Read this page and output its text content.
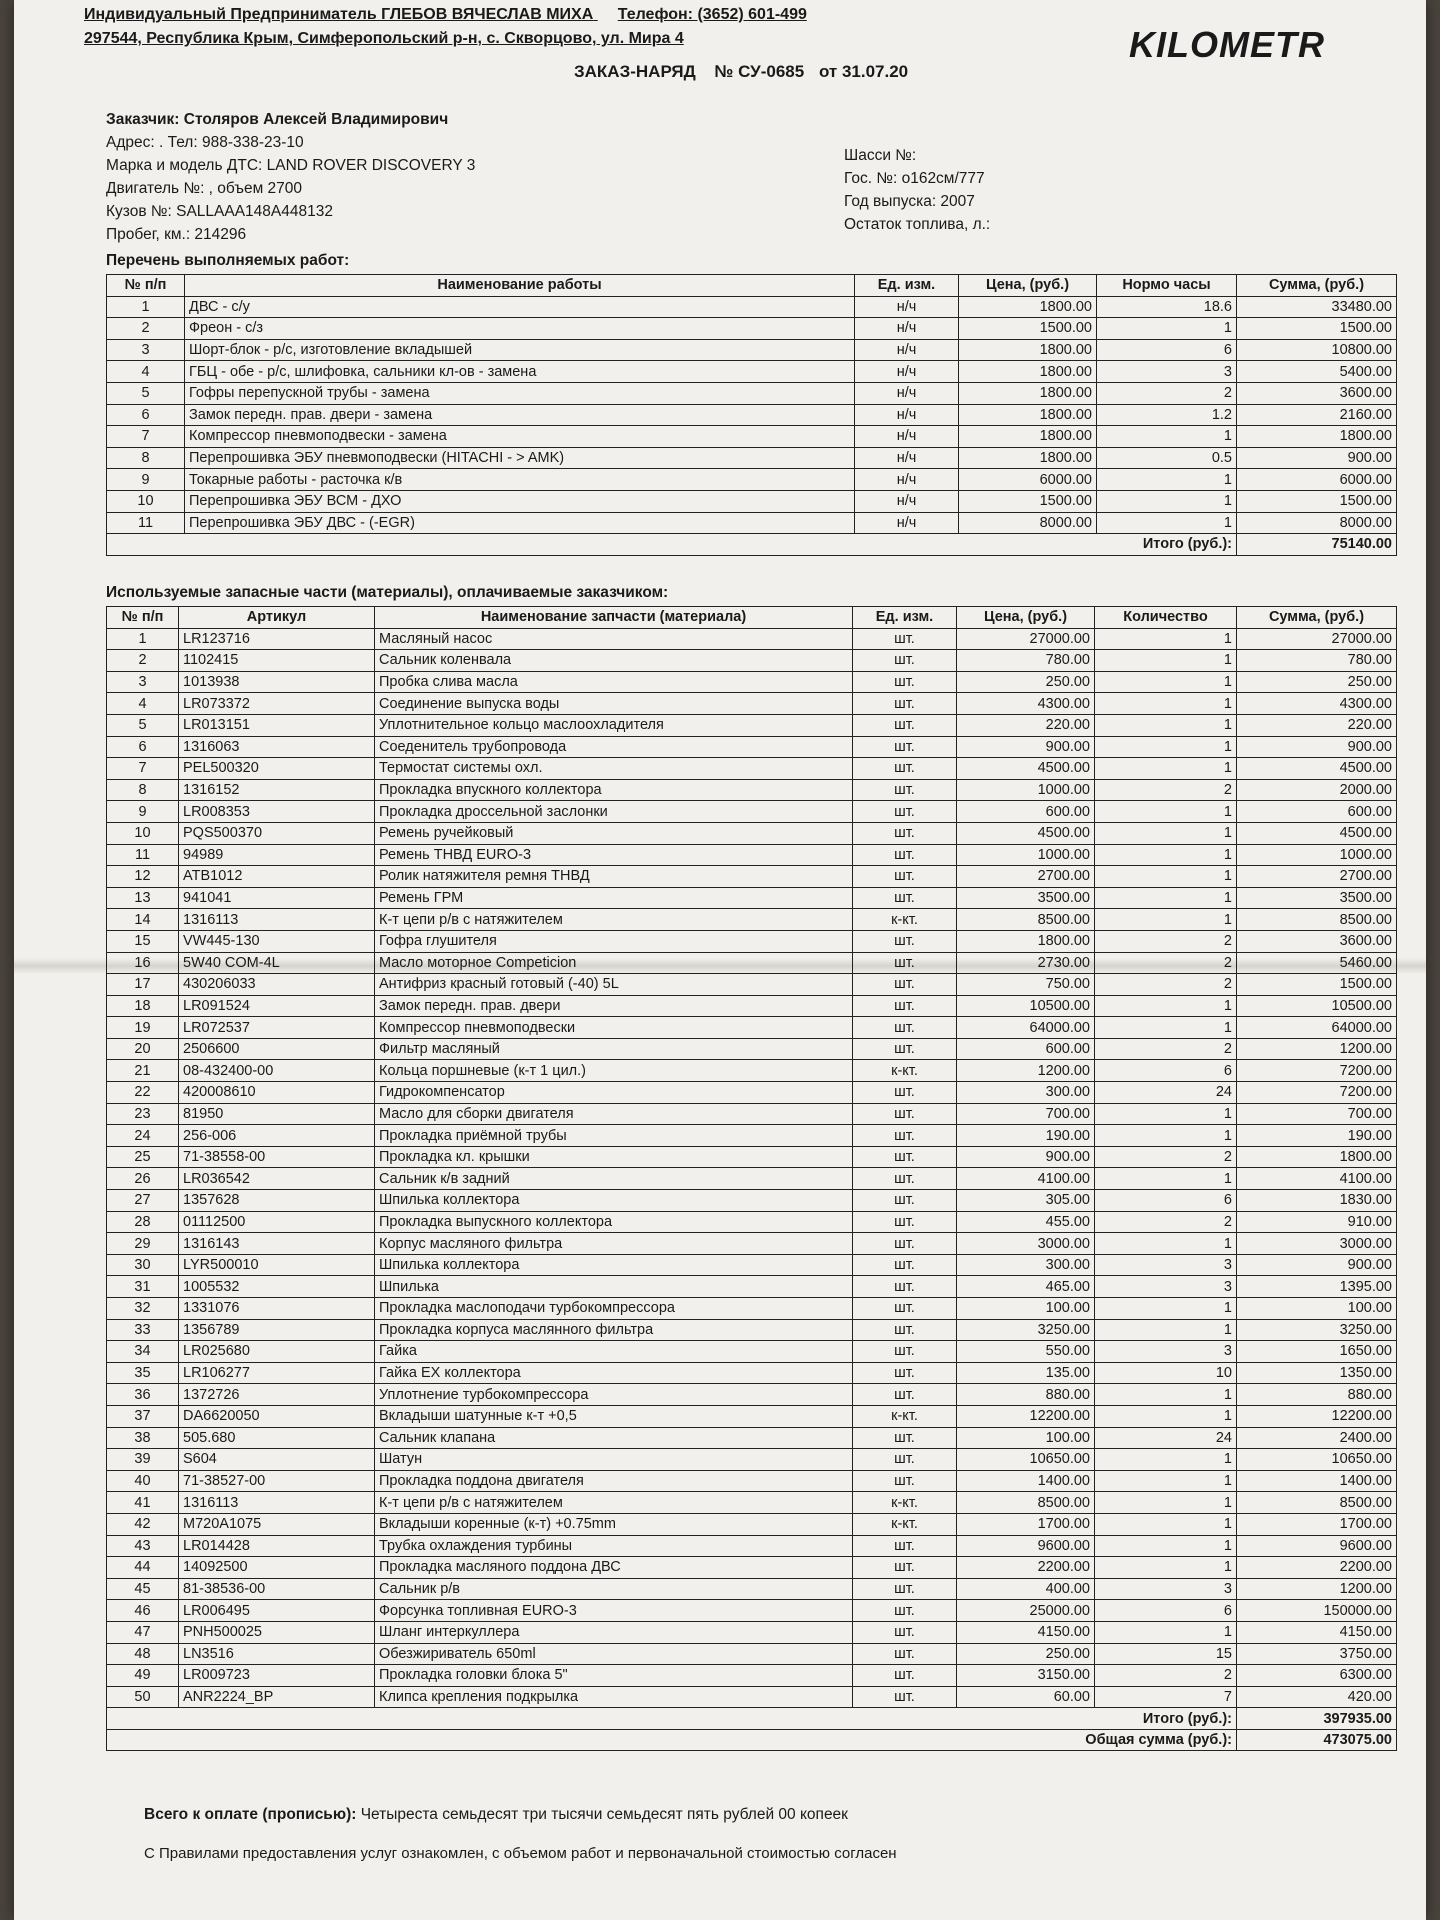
Индивидуальный Предприниматель ГЛЕБОВ ВЯЧЕСЛАВ МИХА Телефон: (3652) 601-499
297544, Республика Крым, Симферопольский р-н, с. Скворцово, ул. Мира 4	KILOMETR
ЗАКАЗ-НАРЯД № СУ-0685 от 31.07.20
Заказчик: Столяров Алексей Владимирович
Адрес: . Тел: 988-338-23-10
Марка и модель ДТС: LAND ROVER DISCOVERY 3
Двигатель №: , объем 2700
Кузов №: SALLAAA148A448132
Пробег, км.: 214296
Шасси №:
Гос. №: о162см/777
Год выпуска: 2007
Остаток топлива, л.:
Перечень выполняемых работ:
№ п/п	Наименование работы	Ед. изм.	Цена, (руб.)	Нормо часы	Сумма, (руб.)
1	ДВС - с/у	н/ч	1800.00	18.6	33480.00
2	Фреон - с/з	н/ч	1500.00	1	1500.00
3	Шорт-блок - р/с, изготовление вкладышей	н/ч	1800.00	6	10800.00
4	ГБЦ - обе - р/с, шлифовка, сальники кл-ов - замена	н/ч	1800.00	3	5400.00
5	Гофры перепускной трубы - замена	н/ч	1800.00	2	3600.00
6	Замок передн. прав. двери - замена	н/ч	1800.00	1.2	2160.00
7	Компрессор пневмоподвески - замена	н/ч	1800.00	1	1800.00
8	Перепрошивка ЭБУ пневмоподвески (HITACHI - > AMK)	н/ч	1800.00	0.5	900.00
9	Токарные работы - расточка к/в	н/ч	6000.00	1	6000.00
10	Перепрошивка ЭБУ ВСМ - ДХО	н/ч	1500.00	1	1500.00
11	Перепрошивка ЭБУ ДВС - (-EGR)	н/ч	8000.00	1	8000.00
Итого (руб.):					75140.00
Используемые запасные части (материалы), оплачиваемые заказчиком:
№ п/п	Артикул	Наименование запчасти (материала)	Ед. изм.	Цена, (руб.)	Количество	Сумма, (руб.)
1	LR123716	Масляный насос	шт.	27000.00	1	27000.00
2	1102415	Сальник коленвала	шт.	780.00	1	780.00
3	1013938	Пробка слива масла	шт.	250.00	1	250.00
4	LR073372	Соединение выпуска воды	шт.	4300.00	1	4300.00
5	LR013151	Уплотнительное кольцо маслоохладителя	шт.	220.00	1	220.00
6	1316063	Соеденитель трубопровода	шт.	900.00	1	900.00
7	PEL500320	Термостат системы охл.	шт.	4500.00	1	4500.00
8	1316152	Прокладка впускного коллектора	шт.	1000.00	2	2000.00
9	LR008353	Прокладка дроссельной заслонки	шт.	600.00	1	600.00
10	PQS500370	Ремень ручейковый	шт.	4500.00	1	4500.00
11	94989	Ремень ТНВД EURO-3	шт.	1000.00	1	1000.00
12	ATB1012	Ролик натяжителя ремня ТНВД	шт.	2700.00	1	2700.00
13	941041	Ремень ГРМ	шт.	3500.00	1	3500.00
14	1316113	К-т цепи р/в с натяжителем	к-кт.	8500.00	1	8500.00
15	VW445-130	Гофра глушителя	шт.	1800.00	2	3600.00
16	5W40 COM-4L	Масло моторное Competicion	шт.	2730.00	2	5460.00
17	430206033	Антифриз красный готовый (-40) 5L	шт.	750.00	2	1500.00
18	LR091524	Замок передн. прав. двери	шт.	10500.00	1	10500.00
19	LR072537	Компрессор пневмоподвески	шт.	64000.00	1	64000.00
20	2506600	Фильтр масляный	шт.	600.00	2	1200.00
21	08-432400-00	Кольца поршневые (к-т 1 цил.)	к-кт.	1200.00	6	7200.00
22	420008610	Гидрокомпенсатор	шт.	300.00	24	7200.00
23	81950	Масло для сборки двигателя	шт.	700.00	1	700.00
24	256-006	Прокладка приёмной трубы	шт.	190.00	1	190.00
25	71-38558-00	Прокладка кл. крышки	шт.	900.00	2	1800.00
26	LR036542	Сальник к/в задний	шт.	4100.00	1	4100.00
27	1357628	Шпилька коллектора	шт.	305.00	6	1830.00
28	01112500	Прокладка выпускного коллектора	шт.	455.00	2	910.00
29	1316143	Корпус масляного фильтра	шт.	3000.00	1	3000.00
30	LYR500010	Шпилька коллектора	шт.	300.00	3	900.00
31	1005532	Шпилька	шт.	465.00	3	1395.00
32	1331076	Прокладка маслоподачи турбокомпрессора	шт.	100.00	1	100.00
33	1356789	Прокладка корпуса маслянного фильтра	шт.	3250.00	1	3250.00
34	LR025680	Гайка	шт.	550.00	3	1650.00
35	LR106277	Гайка EX коллектора	шт.	135.00	10	1350.00
36	1372726	Уплотнение турбокомпрессора	шт.	880.00	1	880.00
37	DA6620050	Вкладыши шатунные к-т +0,5	к-кт.	12200.00	1	12200.00
38	505.680	Сальник клапана	шт.	100.00	24	2400.00
39	S604	Шатун	шт.	10650.00	1	10650.00
40	71-38527-00	Прокладка поддона двигателя	шт.	1400.00	1	1400.00
41	1316113	К-т цепи р/в с натяжителем	к-кт.	8500.00	1	8500.00
42	M720A1075	Вкладыши коренные (к-т) +0.75mm	к-кт.	1700.00	1	1700.00
43	LR014428	Трубка охлаждения турбины	шт.	9600.00	1	9600.00
44	14092500	Прокладка масляного поддона ДВС	шт.	2200.00	1	2200.00
45	81-38536-00	Сальник р/в	шт.	400.00	3	1200.00
46	LR006495	Форсунка топливная EURO-3	шт.	25000.00	6	150000.00
47	PNH500025	Шланг интеркуллера	шт.	4150.00	1	4150.00
48	LN3516	Обезжириватель 650ml	шт.	250.00	15	3750.00
49	LR009723	Прокладка головки блока 5"	шт.	3150.00	2	6300.00
50	ANR2224_BP	Клипса крепления подкрылка	шт.	60.00	7	420.00
Итого (руб.):						397935.00
Общая сумма (руб.):						473075.00
Всего к оплате (прописью): Четыреста семьдесят три тысячи семьдесят пять рублей 00 копеек
С Правилами предоставления услуг ознакомлен, с объемом работ и первоначальной стоимостью согласен
